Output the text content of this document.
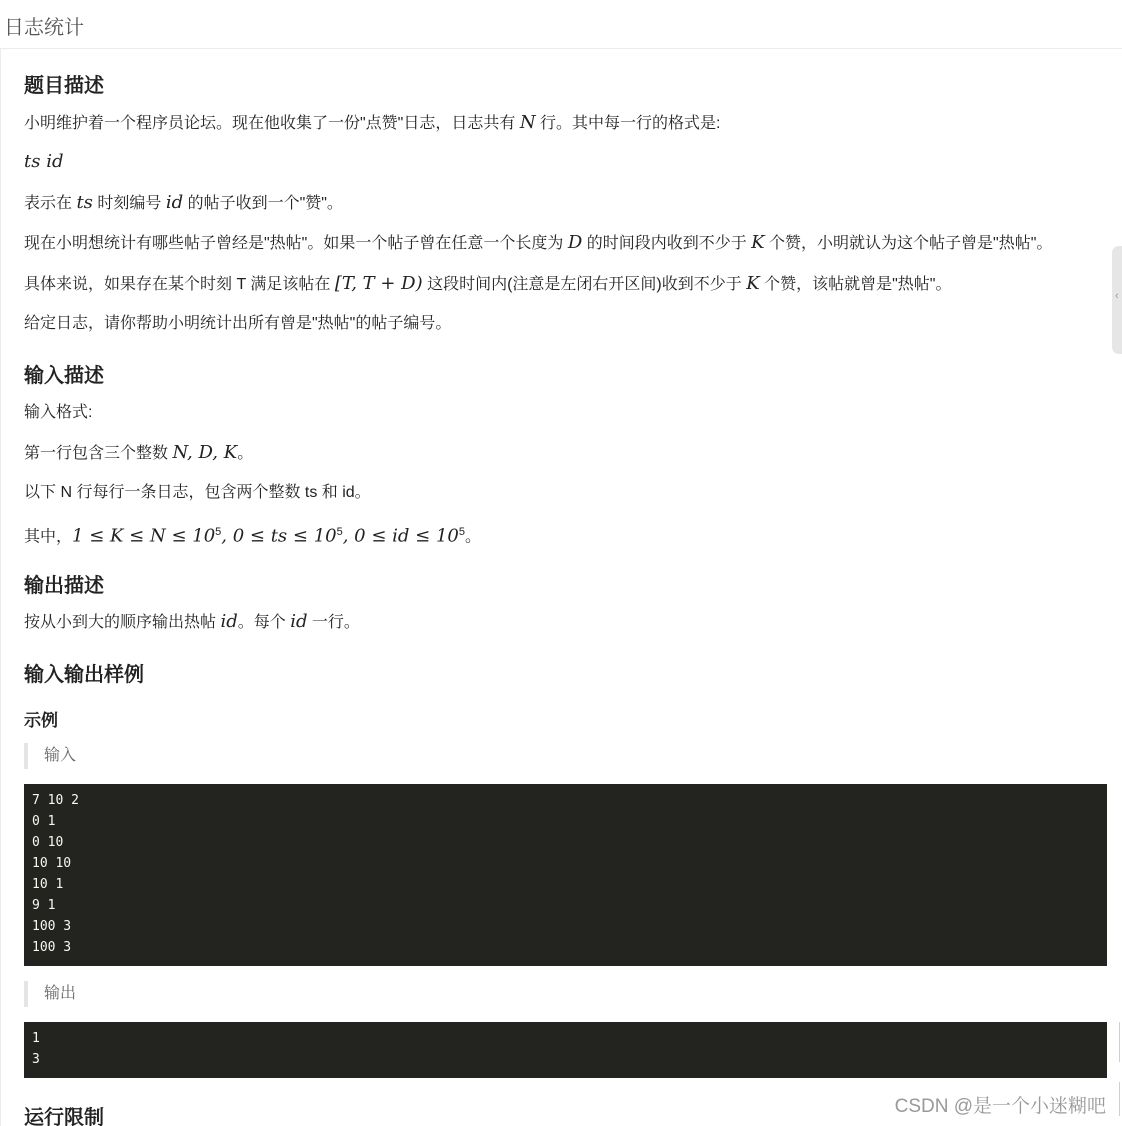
日志统计
题目描述

小明维护着一个程序员论坛。现在他收集了一份"点赞"日志，日志共有 N 行。其中每一行的格式是:

ts id

表示在 ts 时刻编号 id 的帖子收到一个"赞"。

现在小明想统计有哪些帖子曾经是"热帖"。如果一个帖子曾在任意一个长度为 D 的时间段内收到不少于 K 个赞，小明就认为这个帖子曾是"热帖"。

具体来说，如果存在某个时刻 T 满足该帖在 [T, T + D) 这段时间内(注意是左闭右开区间)收到不少于 K 个赞，该帖就曾是"热帖"。

给定日志，请你帮助小明统计出所有曾是"热帖"的帖子编号。

输入描述

输入格式:

第一行包含三个整数 N, D, K。

以下 N 行每行一条日志，包含两个整数 ts 和 id。

其中，$1 \le K \le N \le 10^5$, 0 ≤ ts ≤ $10^5$, 0 ≤ id ≤ $10^5$。

输出描述

按从小到大的顺序输出热帖 id。每个 id 一行。

输入输出样例
示例
输入
7 10 2
0 1
0 10
10 10
10 1
9 1
100 3
100 3
输出
1
3
运行限制
‹
CSDN @是一个小迷糊吧
